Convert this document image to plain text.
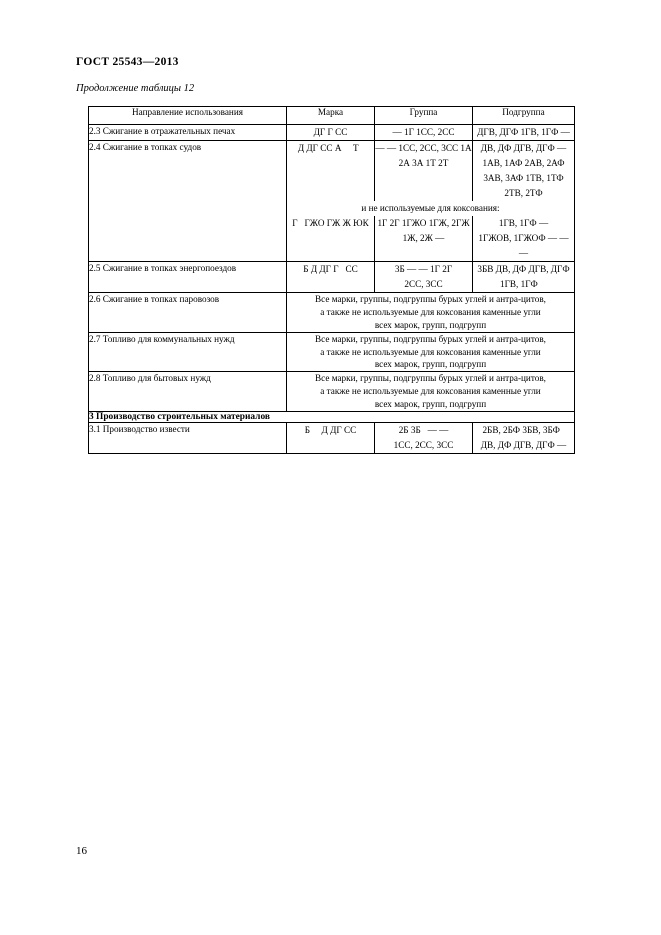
ГОСТ 25543—2013
Продолжение таблицы 12
Направление использования	Марка	Группа	Подгруппа
2.3 Сжигание в отражательных печах	ДГ Г СС	— 1Г 1СС, 2СС	ДГВ, ДГФ 1ГВ, 1ГФ —
2.4 Сжигание в топках судов	Д ДГ СС А Т	— — 1СС, 2СС, 3СС 1А 2А 3А 1Т 2Т	ДВ, ДФ ДГВ, ДГФ — 1АВ, 1АФ 2АВ, 2АФ 3АВ, 3АФ 1ТВ, 1ТФ 2ТВ, 2ТФ
	и не используемые для коксования:		
	Г ГЖО ГЖ Ж ЮК	1Г 2Г 1ГЖО 1ГЖ, 2ГЖ 1Ж, 2Ж —	1ГВ, 1ГФ — 1ГЖОВ, 1ГЖОФ — — —
2.5 Сжигание в топках энергопоездов	Б Д ДГ Г СС	3Б — — 1Г 2Г 2СС, 3СС	3БВ ДВ, ДФ ДГВ, ДГФ 1ГВ, 1ГФ
2.6 Сжигание в топках паровозов	Все марки, группы, подгруппы бурых углей и антра-цитов,
а также не используемые для коксования каменные угли
всех марок, групп, подгрупп		

2.7 Топливо для коммунальных нужд	Все марки, группы, подгруппы бурых углей и антра-цитов,
а также не используемые для коксования каменные угли
всех марок, групп, подгрупп		

2.8 Топливо для бытовых нужд	Все марки, группы, подгруппы бурых углей и антра-цитов,
а также не используемые для коксования каменные угли
всех марок, групп, подгрупп		

3 Производство строительных материалов			
3.1 Производство извести	Б Д ДГ СС	2Б 3Б — — 1СС, 2СС, 3СС	2БВ, 2БФ 3БВ, 3БФ   ДВ, ДФ ДГВ, ДГФ —
16
